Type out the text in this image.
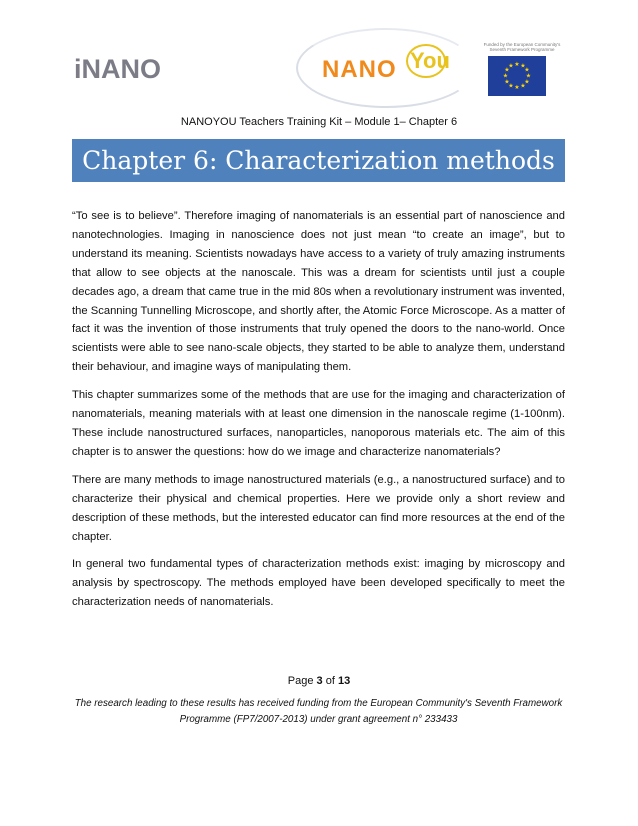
iNANO	NANO You
Funded by the European Community's Seventh Framework Programme
★ ★
★
★
★
★
★
★
★
★
★
★
NANOYOU Teachers Training Kit – Module 1– Chapter 6
Chapter 6: Characterization methods

“To see is to believe”. Therefore imaging of nanomaterials is an essential part of nanoscience and nanotechnologies. Imaging in nanoscience does not just mean “to create an image”, but to understand its meaning. Scientists nowadays have access to a variety of truly amazing instruments that allow to see objects at the nanoscale. This was a dream for scientists until just a couple decades ago, a dream that came true in the mid 80s when a revolutionary instrument was invented, the Scanning Tunnelling Microscope, and shortly after, the Atomic Force Microscope. As a matter of fact it was the invention of those instruments that truly opened the doors to the nano-world. Once scientists were able to see nano-scale objects, they started to be able to analyze them, understand their behaviour, and imagine ways of manipulating them.

This chapter summarizes some of the methods that are use for the imaging and characterization of nanomaterials, meaning materials with at least one dimension in the nanoscale regime (1-100nm). These include nanostructured surfaces, nanoparticles, nanoporous materials etc. The aim of this chapter is to answer the questions: how do we image and characterize nanomaterials?

There are many methods to image nanostructured materials (e.g., a nanostructured surface) and to characterize their physical and chemical properties. Here we provide only a short review and description of these methods, but the interested educator can find more resources at the end of the chapter.

In general two fundamental types of characterization methods exist: imaging by microscopy and analysis by spectroscopy. The methods employed have been developed specifically to meet the characterization needs of nanomaterials.

Page 3 of 13
The research leading to these results has received funding from the European Community's Seventh Framework Programme (FP7/2007-2013) under grant agreement n° 233433
